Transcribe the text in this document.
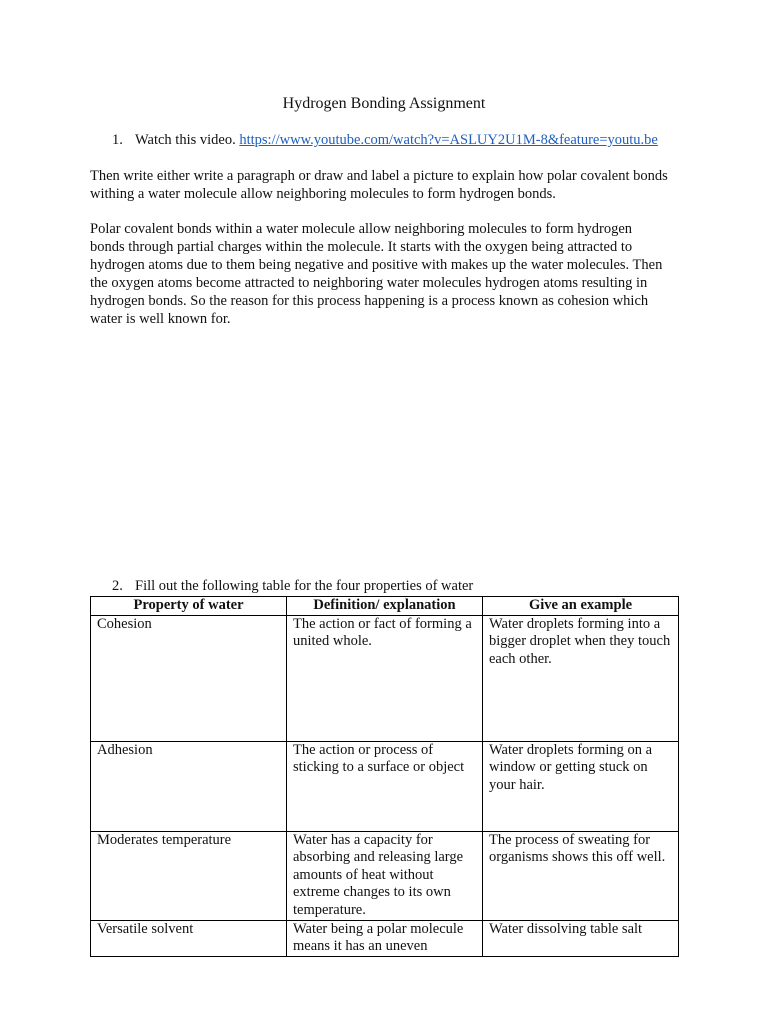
Hydrogen Bonding Assignment
1. Watch this video. https://www.youtube.com/watch?v=ASLUY2U1M-8&feature=youtu.be
Then write either write a paragraph or draw and label a picture to explain how polar covalent bonds withing a water molecule allow neighboring molecules to form hydrogen bonds.
Polar covalent bonds within a water molecule allow neighboring molecules to form hydrogen bonds through partial charges within the molecule. It starts with the oxygen being attracted to hydrogen atoms due to them being negative and positive with makes up the water molecules. Then the oxygen atoms become attracted to neighboring water molecules hydrogen atoms resulting in hydrogen bonds. So the reason for this process happening is a process known as cohesion which water is well known for.
2. Fill out the following table for the four properties of water
Property of water	Definition/ explanation	Give an example
Cohesion	The action or fact of forming a united whole.	Water droplets forming into a bigger droplet when they touch each other.
Adhesion	The action or process of sticking to a surface or object	Water droplets forming on a window or getting stuck on your hair.
Moderates temperature	Water has a capacity for absorbing and releasing large amounts of heat without extreme changes to its own temperature.	The process of sweating for organisms shows this off well.
Versatile solvent	Water being a polar molecule means it has an uneven	Water dissolving table salt
